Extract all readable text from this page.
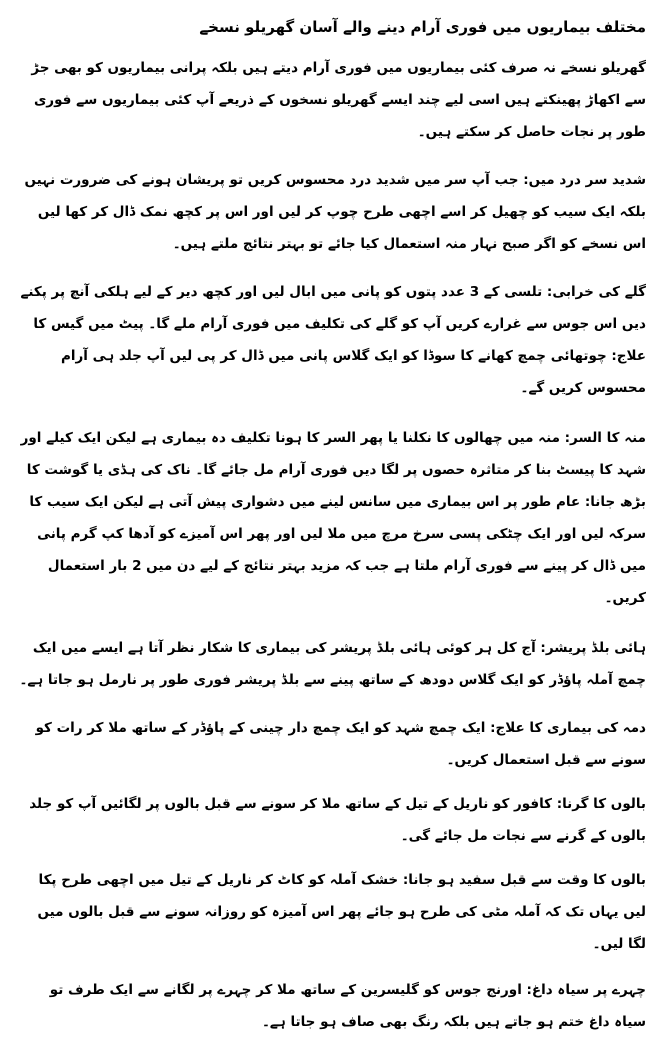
مختلف بیماریوں میں فوری آرام دینے والے آسان گھریلو نسخے

گھریلو نسخے نہ صرف کئی بیماریوں میں فوری آرام دیتے ہیں بلکہ پرانی بیماریوں کو بھی جڑ سے اکھاڑ پھینکتے ہیں اسی لیے چند ایسے گھریلو نسخوں کے ذریعے آپ کئی بیماریوں سے فوری طور پر نجات حاصل کر سکتے ہیں۔

شدید سر درد میں: جب آپ سر میں شدید درد محسوس کریں تو پریشان ہونے کی ضرورت نہیں بلکہ ایک سیب کو چھیل کر اسے اچھی طرح چوپ کر لیں اور اس پر کچھ نمک ڈال کر کھا لیں اس نسخے کو اگر صبح نہار منہ استعمال کیا جائے تو بہتر نتائج ملتے ہیں۔

گلے کی خرابی: تلسی کے 3 عدد پتوں کو پانی میں ابال لیں اور کچھ دیر کے لیے ہلکی آنچ پر پکنے دیں اس جوس سے غرارے کریں آپ کو گلے کی تکلیف میں فوری آرام ملے گا۔ پیٹ میں گیس کا علاج: چوتھائی چمچ کھانے کا سوڈا کو ایک گلاس پانی میں ڈال کر پی لیں آپ جلد ہی آرام محسوس کریں گے۔

منہ کا السر: منہ میں چھالوں کا نکلنا یا پھر السر کا ہونا تکلیف دہ بیماری ہے لیکن ایک کیلے اور شہد کا پیسٹ بنا کر متاثرہ حصوں پر لگا دیں فوری آرام مل جائے گا۔ ناک کی ہڈی یا گوشت کا بڑھ جانا: عام طور پر اس بیماری میں سانس لینے میں دشواری پیش آتی ہے لیکن ایک سیب کا سرکہ لیں اور ایک چٹکی پسی سرخ مرچ میں ملا لیں اور پھر اس آمیزے کو آدھا کپ گرم پانی میں ڈال کر پینے سے فوری آرام ملتا ہے جب کہ مزید بہتر نتائج کے لیے دن میں 2 بار استعمال کریں۔

ہائی بلڈ پریشر: آج کل ہر کوئی ہائی بلڈ پریشر کی بیماری کا شکار نظر آتا ہے ایسے میں ایک چمچ آملہ پاؤڈر کو ایک گلاس دودھ کے ساتھ پینے سے بلڈ پریشر فوری طور پر نارمل ہو جاتا ہے۔

دمہ کی بیماری کا علاج: ایک چمچ شہد کو ایک چمچ دار چینی کے پاؤڈر کے ساتھ ملا کر رات کو سونے سے قبل استعمال کریں۔

بالوں کا گرنا: کافور کو ناریل کے تیل کے ساتھ ملا کر سونے سے قبل بالوں پر لگائیں آپ کو جلد بالوں کے گرنے سے نجات مل جائے گی۔

بالوں کا وقت سے قبل سفید ہو جانا: خشک آملہ کو کاٹ کر ناریل کے تیل میں اچھی طرح پکا لیں یہاں تک کہ آملہ مٹی کی طرح ہو جائے پھر اس آمیزہ کو روزانہ سونے سے قبل بالوں میں لگا لیں۔

چہرے پر سیاہ داغ: اورنج جوس کو گلیسرین کے ساتھ ملا کر چہرے پر لگانے سے ایک طرف تو سیاہ داغ ختم ہو جاتے ہیں بلکہ رنگ بھی صاف ہو جاتا ہے۔
